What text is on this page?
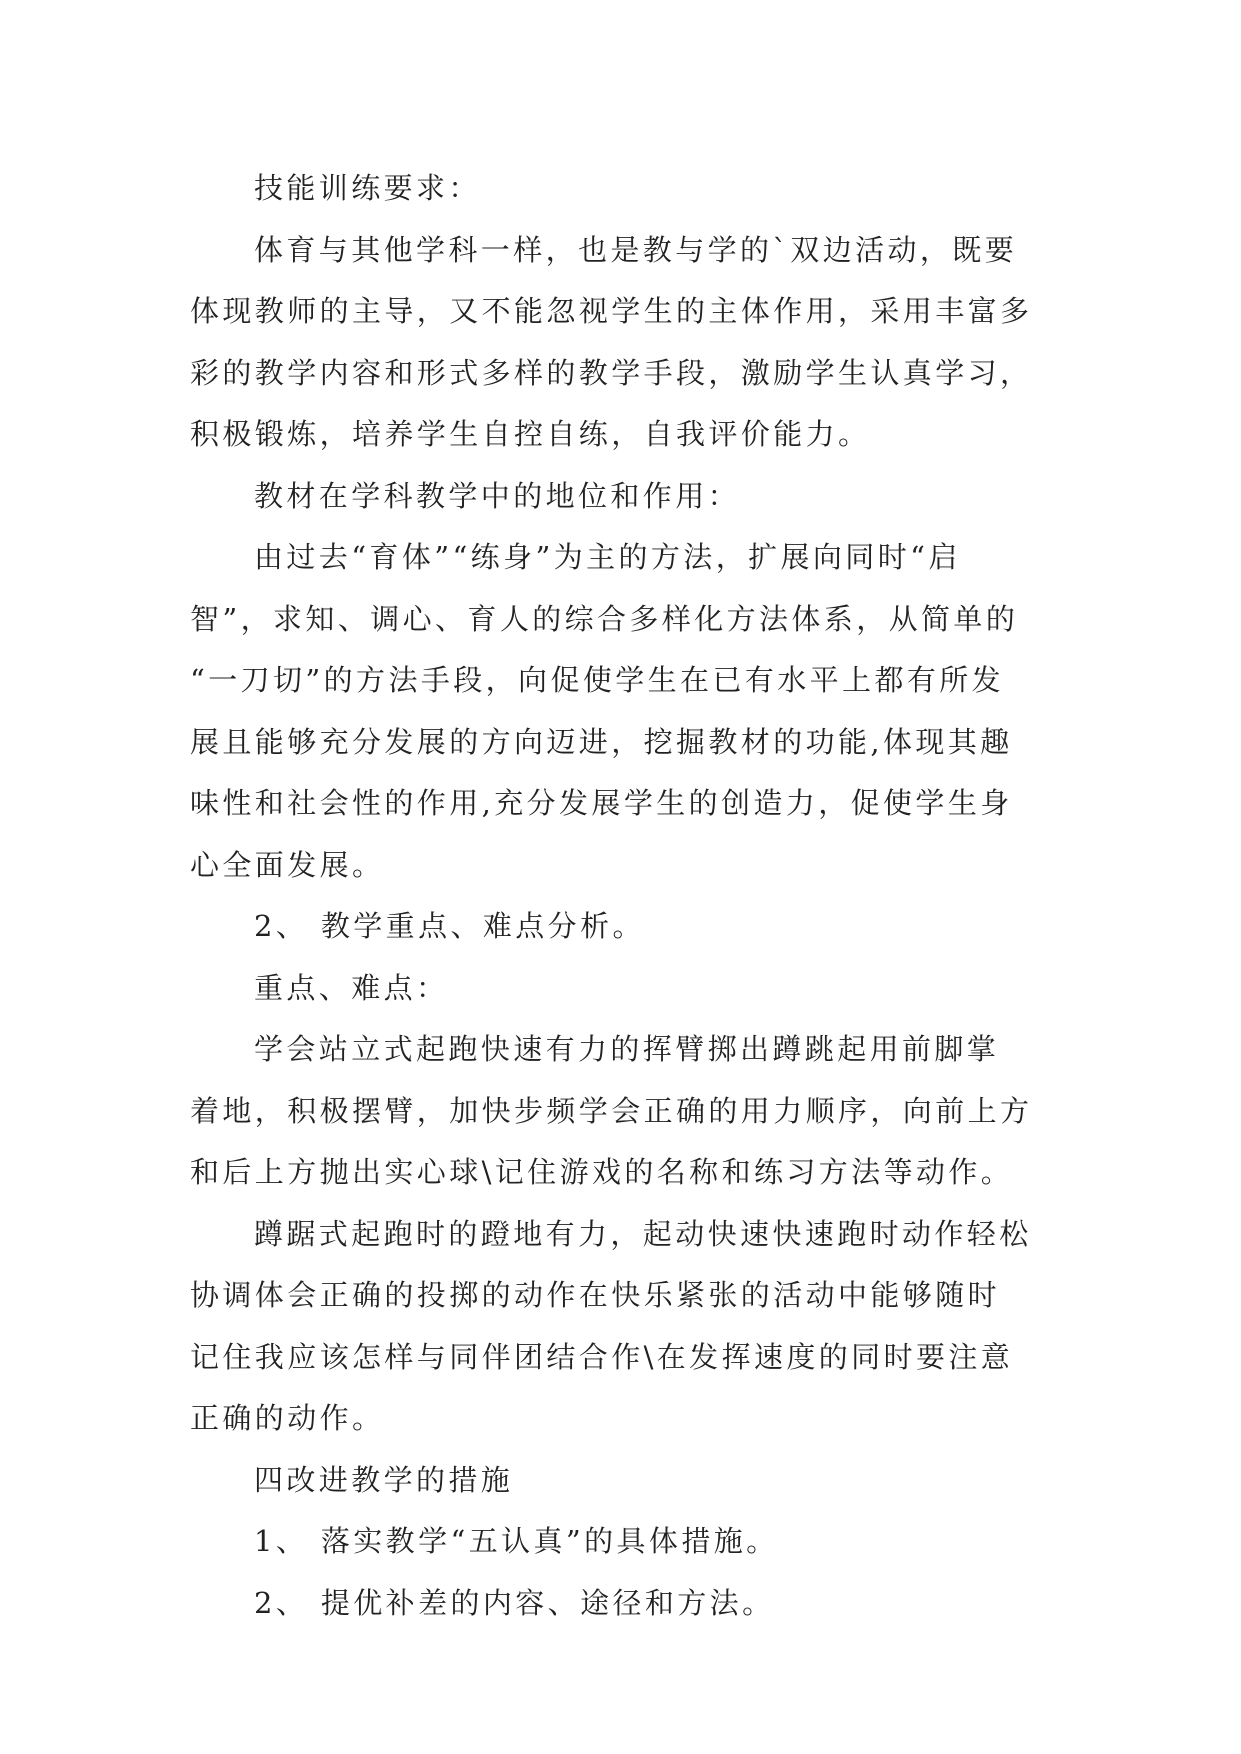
技能训练要求：
体育与其他学科一样，也是教与学的`双边活动，既要
体现教师的主导，又不能忽视学生的主体作用，采用丰富多
彩的教学内容和形式多样的教学手段，激励学生认真学习，
积极锻炼，培养学生自控自练，自我评价能力。
教材在学科教学中的地位和作用：
由过去“育体”“练身”为主的方法，扩展向同时“启
智”，求知、调心、育人的综合多样化方法体系，从简单的
“一刀切”的方法手段，向促使学生在已有水平上都有所发
展且能够充分发展的方向迈进，挖掘教材的功能,体现其趣
味性和社会性的作用,充分发展学生的创造力，促使学生身
心全面发展。
2、 教学重点、难点分析。
重点、难点：
学会站立式起跑快速有力的挥臂掷出蹲跳起用前脚掌
着地，积极摆臂，加快步频学会正确的用力顺序，向前上方
和后上方抛出实心球\记住游戏的名称和练习方法等动作。
蹲踞式起跑时的蹬地有力，起动快速快速跑时动作轻松
协调体会正确的投掷的动作在快乐紧张的活动中能够随时
记住我应该怎样与同伴团结合作\在发挥速度的同时要注意
正确的动作。
四改进教学的措施
1、 落实教学“五认真”的具体措施。
2、 提优补差的内容、途径和方法。
